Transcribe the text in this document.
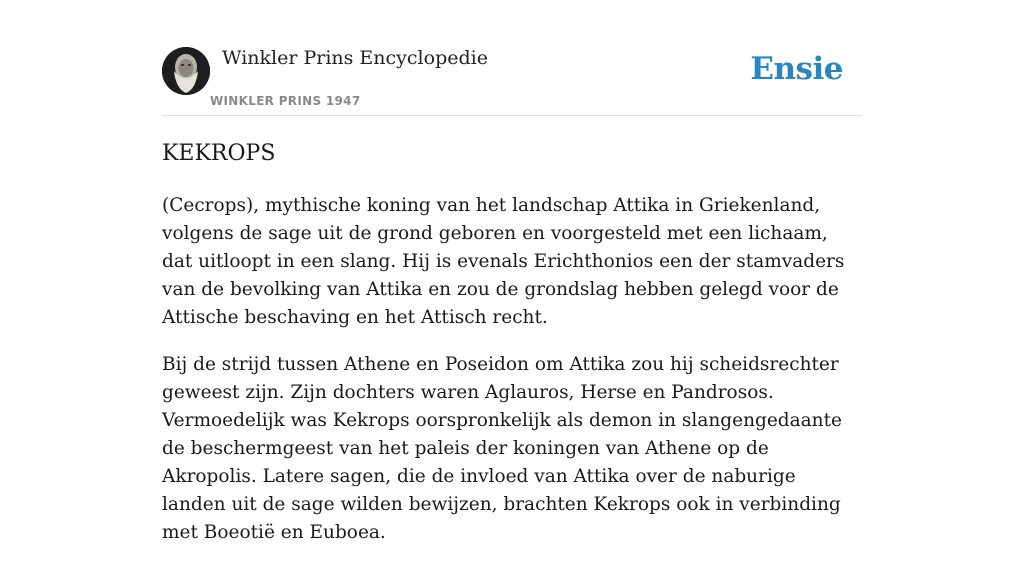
Winkler Prins Encyclopedie
WINKLER PRINS 1947
Ensie
KEKROPS

(Cecrops), mythische koning van het landschap Attika in Griekenland, volgens de sage uit de grond geboren en voorgesteld met een lichaam, dat uitloopt in een slang. Hij is evenals Erichthonios een der stamvaders van de bevolking van Attika en zou de grondslag hebben gelegd voor de Attische beschaving en het Attisch recht.

Bij de strijd tussen Athene en Poseidon om Attika zou hij scheidsrechter geweest zijn. Zijn dochters waren Aglauros, Herse en Pandrosos. Vermoedelijk was Kekrops oorspronkelijk als demon in slangengedaante de beschermgeest van het paleis der koningen van Athene op de Akropolis. Latere sagen, die de invloed van Attika over de naburige landen uit de sage wilden bewijzen, brachten Kekrops ook in verbinding met Boeotië en Euboea.
